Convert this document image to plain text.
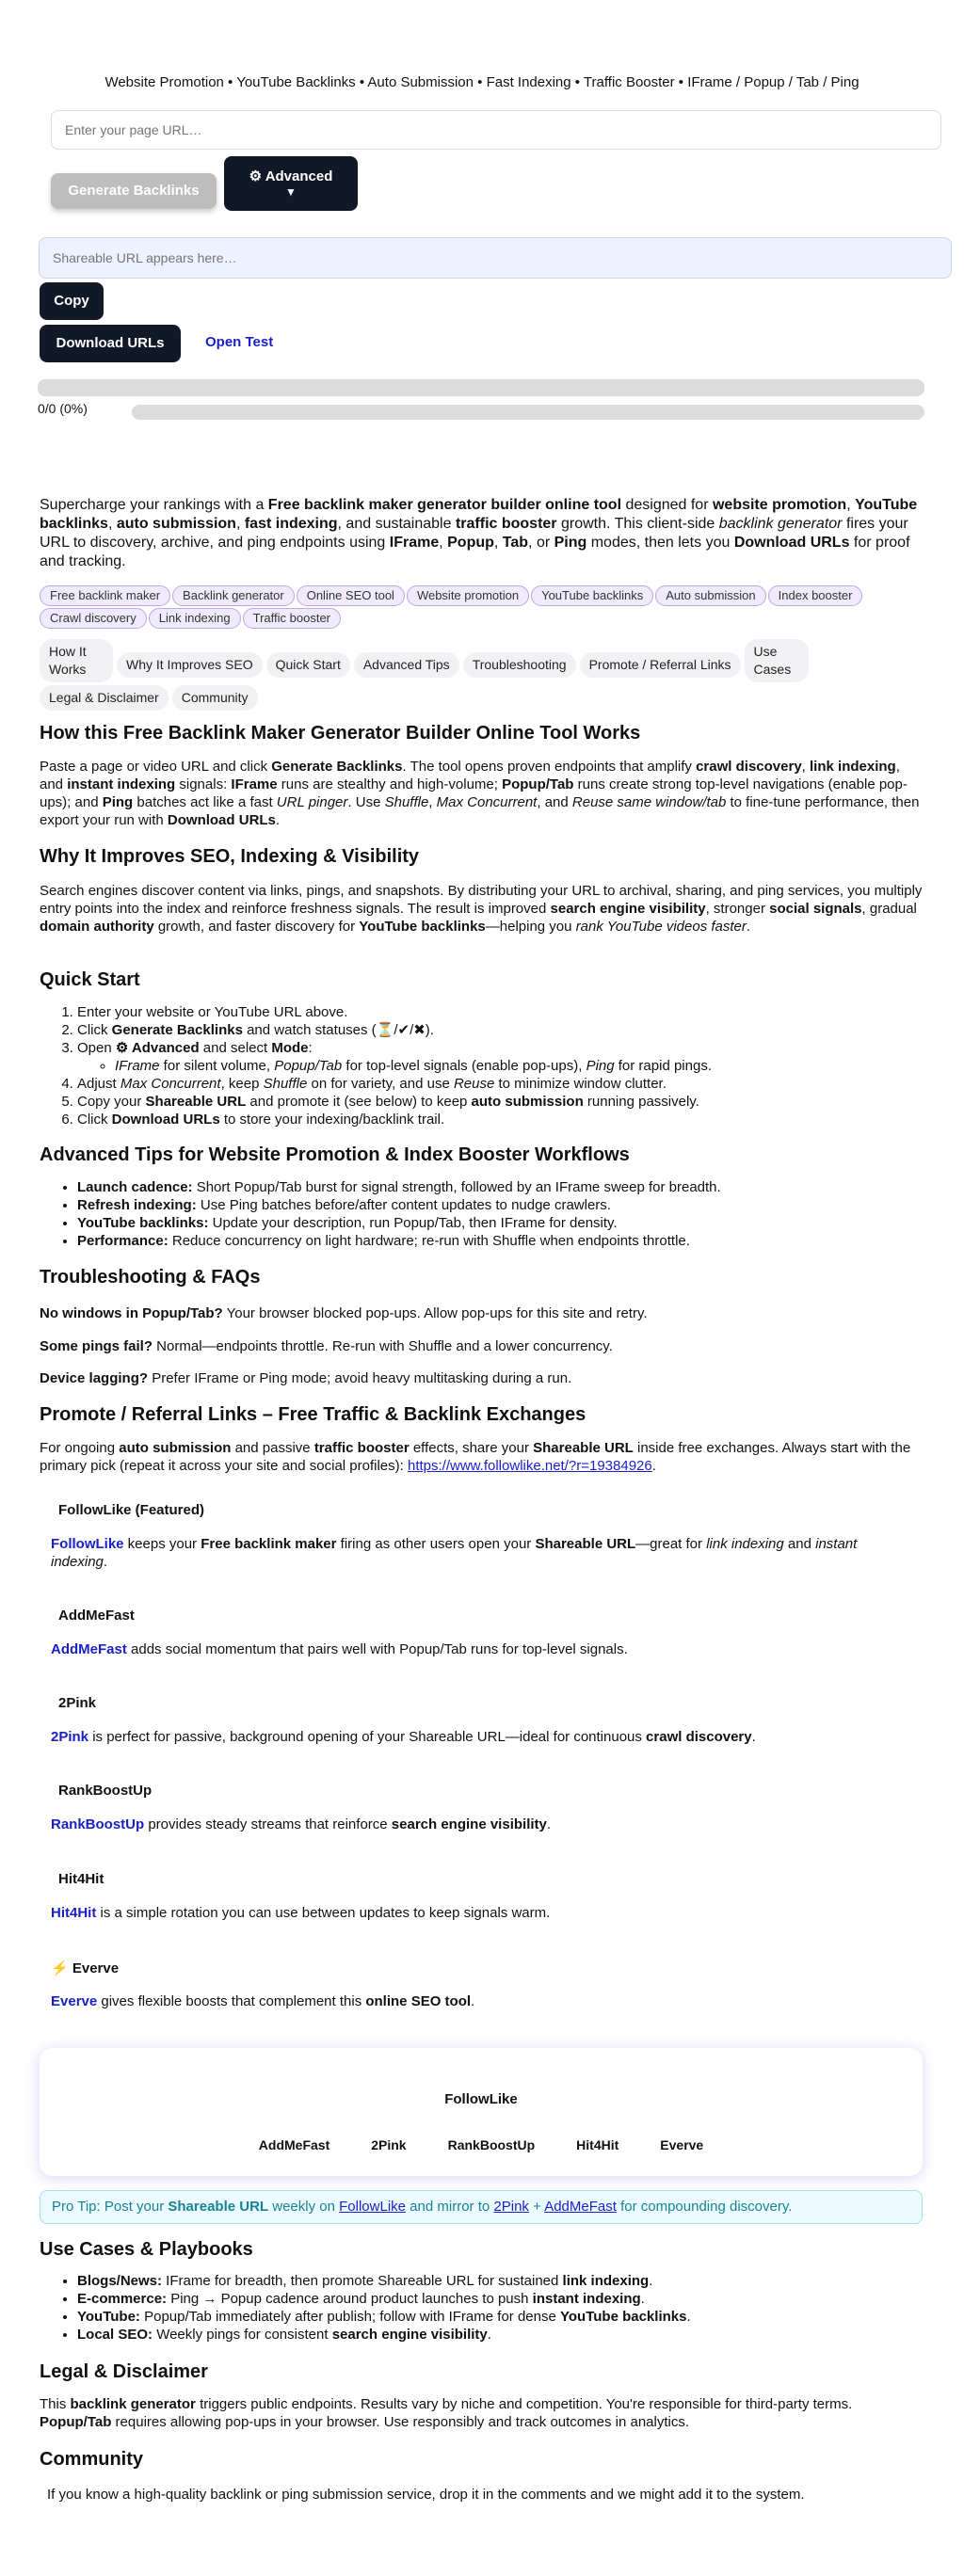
Website Promotion • YouTube Backlinks • Auto Submission • Fast Indexing • Traffic Booster • IFrame / Popup / Tab / Ping
Enter your page URL…
Generate Backlinks
⚙ Advanced
▼
Shareable URL appears here…
Copy
Download URLs	Open Test
0/0 (0%)

Supercharge your rankings with a Free backlink maker generator builder online tool designed for website promotion, YouTube backlinks, auto submission, fast indexing, and sustainable traffic booster growth. This client-side backlink generator fires your URL to discovery, archive, and ping endpoints using IFrame, Popup, Tab, or Ping modes, then lets you Download URLs for proof and tracking.

Free backlink maker Backlink generator Online SEO tool Website promotion YouTube backlinks Auto submission Index boosterCrawl discovery Link indexing Traffic booster
How It Works	Why It Improves SEO Quick Start Advanced Tips Troubleshooting Promote / Referral LinksUse Cases
Legal & Disclaimer Community
How this Free Backlink Maker Generator Builder Online Tool Works

Paste a page or video URL and click Generate Backlinks. The tool opens proven endpoints that amplify crawl discovery, link indexing, and instant indexing signals: IFrame runs are stealthy and high-volume; Popup/Tab runs create strong top-level navigations (enable pop-ups); and Ping batches act like a fast URL pinger. Use Shuffle, Max Concurrent, and Reuse same window/tab to fine-tune performance, then export your run with Download URLs.

Why It Improves SEO, Indexing & Visibility

Search engines discover content via links, pings, and snapshots. By distributing your URL to archival, sharing, and ping services, you multiply entry points into the index and reinforce freshness signals. The result is improved search engine visibility, stronger social signals, gradual domain authority growth, and faster discovery for YouTube backlinks—helping you rank YouTube videos faster.

Quick Start
1. Enter your website or YouTube URL above.
2. Click Generate Backlinks and watch statuses (⏳/✔/✖).
3. Open ⚙ Advanced and select Mode:
◦ IFrame for silent volume, Popup/Tab for top-level signals (enable pop-ups), Ping for rapid pings.
4. Adjust Max Concurrent, keep Shuffle on for variety, and use Reuse to minimize window clutter.
5. Copy your Shareable URL and promote it (see below) to keep auto submission running passively.
6. Click Download URLs to store your indexing/backlink trail.
Advanced Tips for Website Promotion & Index Booster Workflows
• Launch cadence: Short Popup/Tab burst for signal strength, followed by an IFrame sweep for breadth.
• Refresh indexing: Use Ping batches before/after content updates to nudge crawlers.
• YouTube backlinks: Update your description, run Popup/Tab, then IFrame for density.
• Performance: Reduce concurrency on light hardware; re-run with Shuffle when endpoints throttle.
Troubleshooting & FAQs

No windows in Popup/Tab? Your browser blocked pop-ups. Allow pop-ups for this site and retry.

Some pings fail? Normal—endpoints throttle. Re-run with Shuffle and a lower concurrency.

Device lagging? Prefer IFrame or Ping mode; avoid heavy multitasking during a run.

Promote / Referral Links – Free Traffic & Backlink Exchanges

For ongoing auto submission and passive traffic booster effects, share your Shareable URL inside free exchanges. Always start with the primary pick (repeat it across your site and social profiles): https://www.followlike.net/?r=19384926.

FollowLike (Featured)

FollowLike keeps your Free backlink maker firing as other users open your Shareable URL—great for link indexing and instant indexing.

AddMeFast

AddMeFast adds social momentum that pairs well with Popup/Tab runs for top-level signals.

2Pink

2Pink is perfect for passive, background opening of your Shareable URL—ideal for continuous crawl discovery.

RankBoostUp

RankBoostUp provides steady streams that reinforce search engine visibility.

Hit4Hit

Hit4Hit is a simple rotation you can use between updates to keep signals warm.

⚡ Everve

Everve gives flexible boosts that complement this online SEO tool.

FollowLike
AddMeFast	2Pink	RankBoostUp	Hit4Hit	Everve
Pro Tip: Post your Shareable URL weekly on FollowLike and mirror to 2Pink + AddMeFast for compounding discovery.
Use Cases & Playbooks
• Blogs/News: IFrame for breadth, then promote Shareable URL for sustained link indexing.
• E-commerce: Ping → Popup cadence around product launches to push instant indexing.
• YouTube: Popup/Tab immediately after publish; follow with IFrame for dense YouTube backlinks.
• Local SEO: Weekly pings for consistent search engine visibility.
Legal & Disclaimer

This backlink generator triggers public endpoints. Results vary by niche and competition. You're responsible for third-party terms. Popup/Tab requires allowing pop-ups in your browser. Use responsibly and track outcomes in analytics.

Community

If you know a high-quality backlink or ping submission service, drop it in the comments and we might add it to the system.
